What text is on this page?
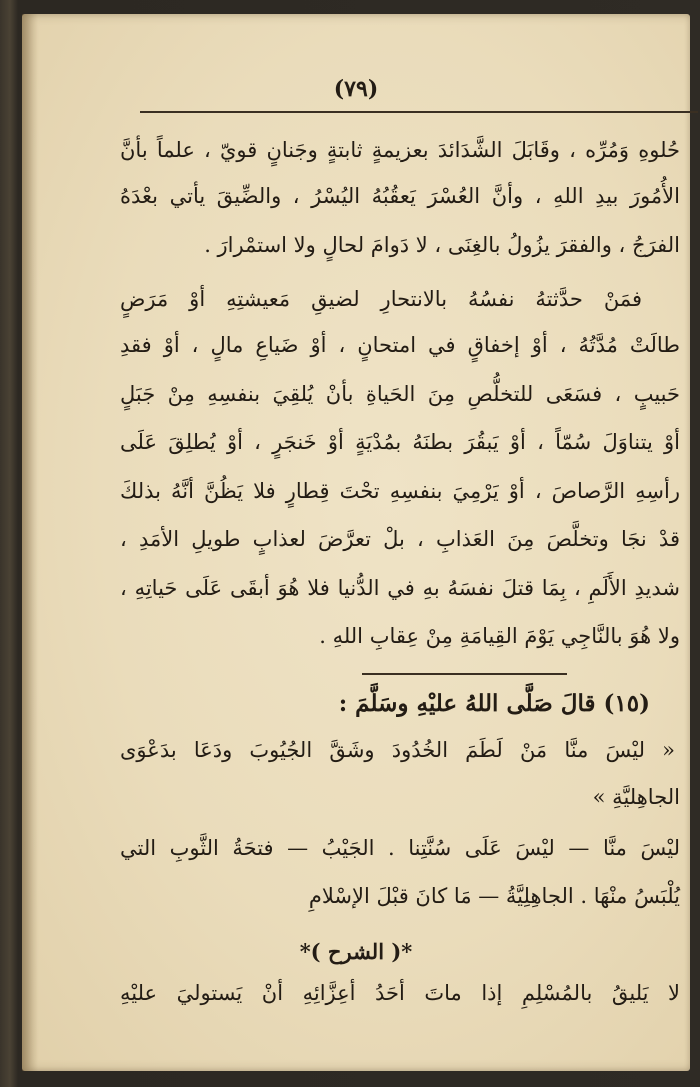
(٧٩)
حُلوهِ وَمُرِّه ، وقَابَلَ الشَّدَائدَ بعزيمةٍ ثابتةٍ وجَنانٍ قويّ ، علماً بأنَّ
الأُمُورَ بيدِ اللهِ ، وأنَّ العُسْرَ يَعقُبُهُ اليُسْرُ ، والضِّيقَ يأتي بعْدَهُ
الفرَجُ ، والفقرَ يزُولُ بالغِنَى ، لا دَوامَ لحالٍ ولا استمْرارَ .
فمَنْ حدَّثتهُ نفسُهُ بالانتحارِ لضيقِ مَعيشتِهِ أوْ مَرَضٍ
طالَتْ مُدَّتُهُ ، أوْ إخفاقٍ في امتحانٍ ، أوْ ضَياعِ مالٍ ، أوْ فقدِ
حَبيبٍ ، فسَعَى للتخلُّصِ مِنَ الحَياةِ بأنْ يُلقِيَ بنفسِهِ مِنْ جَبَلٍ
أوْ يتناوَلَ سُمّاً ، أوْ يَبقُرَ بطنَهُ بمُدْيَةٍ أوْ خَنجَرٍ ، أوْ يُطلِقَ عَلَى
رأسِهِ الرَّصاصَ ، أوْ يَرْمِيَ بنفسِهِ تحْتَ قِطارٍ فلا يَظُنَّ أنَّهُ بذلكَ
قدْ نجَا وتخلَّصَ مِنَ العَذابِ ، بلْ تعرَّضَ لعذابٍ طويلِ الأمَدِ ،
شديدِ الأَلَمِ ، بِمَا قتلَ نفسَهُ بهِ في الدُّنيا فلا هُوَ أبقَى عَلَى حَياتِهِ ،
ولا هُوَ بالنَّاجِي يَوْمَ القِيامَةِ مِنْ عِقابِ اللهِ .
(١٥) قالَ صَلَّى اللهُ عليْهِ وسَلَّمَ :
« ليْسَ منَّا مَنْ لَطَمَ الخُدُودَ وشَقَّ الجُيُوبَ ودَعَا بدَعْوَى
الجاهِليَّةِ »
ليْسَ منَّا — ليْسَ عَلَى سُنَّتِنا . الجَيْبُ — فتحَةُ الثَّوبِ التي
يُلْبَسُ منْهَا . الجاهِلِيَّةُ — مَا كانَ قبْلَ الإسْلامِ
*( الشرح )*
لا يَليقُ بالمُسْلِمِ إذا ماتَ أحَدُ أعِزَّائِهِ أنْ يَستوليَ عليْهِ
